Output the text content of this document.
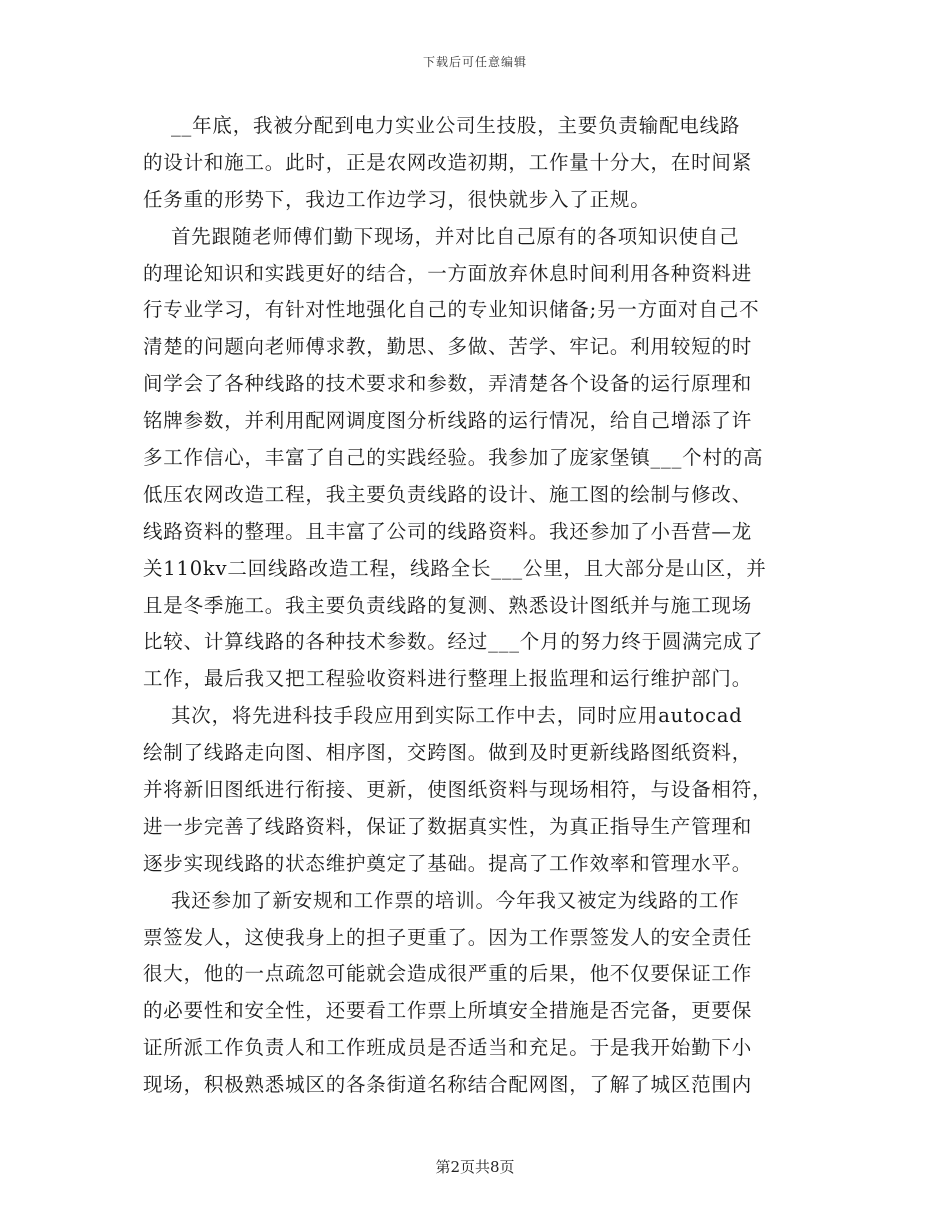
下载后可任意编辑
__年底，我被分配到电力实业公司生技股，主要负责输配电线路
的设计和施工。此时，正是农网改造初期，工作量十分大，在时间紧
任务重的形势下，我边工作边学习，很快就步入了正规。
首先跟随老师傅们勤下现场，并对比自己原有的各项知识使自己
的理论知识和实践更好的结合，一方面放弃休息时间利用各种资料进
行专业学习，有针对性地强化自己的专业知识储备;另一方面对自己不
清楚的问题向老师傅求教，勤思、多做、苦学、牢记。利用较短的时
间学会了各种线路的技术要求和参数，弄清楚各个设备的运行原理和
铭牌参数，并利用配网调度图分析线路的运行情况，给自己增添了许
多工作信心，丰富了自己的实践经验。我参加了庞家堡镇___个村的高
低压农网改造工程，我主要负责线路的设计、施工图的绘制与修改、
线路资料的整理。且丰富了公司的线路资料。我还参加了小吾营—龙
关110kv二回线路改造工程，线路全长___公里，且大部分是山区，并
且是冬季施工。我主要负责线路的复测、熟悉设计图纸并与施工现场
比较、计算线路的各种技术参数。经过___个月的努力终于圆满完成了
工作，最后我又把工程验收资料进行整理上报监理和运行维护部门。
其次，将先进科技手段应用到实际工作中去，同时应用autocad
绘制了线路走向图、相序图，交跨图。做到及时更新线路图纸资料，
并将新旧图纸进行衔接、更新，使图纸资料与现场相符，与设备相符，
进一步完善了线路资料，保证了数据真实性，为真正指导生产管理和
逐步实现线路的状态维护奠定了基础。提高了工作效率和管理水平。
我还参加了新安规和工作票的培训。今年我又被定为线路的工作
票签发人，这使我身上的担子更重了。因为工作票签发人的安全责任
很大，他的一点疏忽可能就会造成很严重的后果，他不仅要保证工作
的必要性和安全性，还要看工作票上所填安全措施是否完备，更要保
证所派工作负责人和工作班成员是否适当和充足。于是我开始勤下小
现场，积极熟悉城区的各条街道名称结合配网图，了解了城区范围内
第2页共8页
